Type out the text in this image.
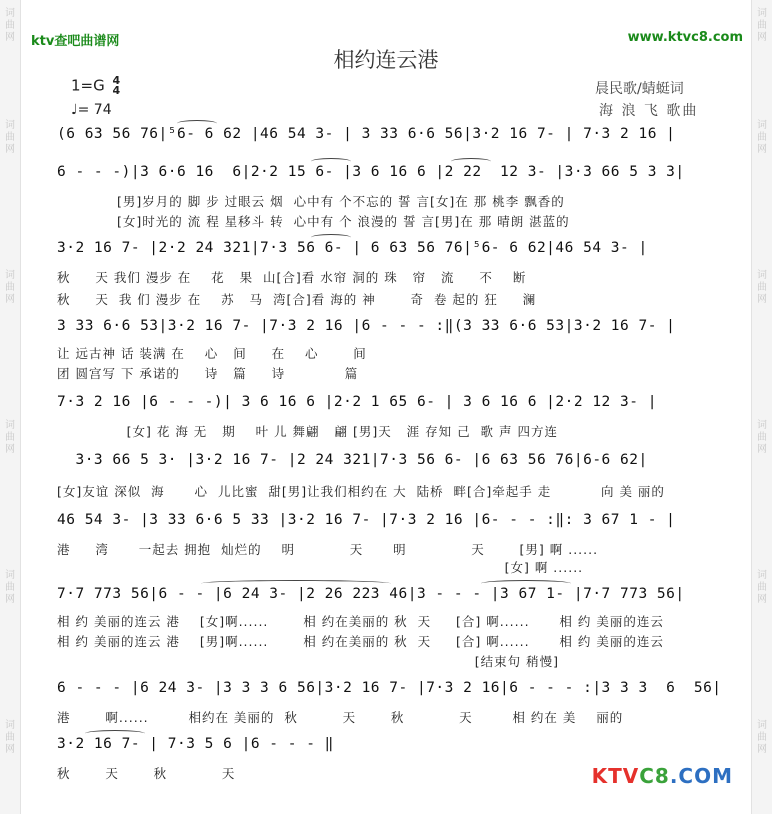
词曲网
词曲网
词曲网
词曲网
词曲网
词曲网
词曲网
词曲网
词曲网
词曲网
词曲网
词曲网
ktv查吧曲谱网	www.ktvc8.com
相约连云港
1=G 4
4
♩= 74
晨民歌/蜻蜓词
海 浪 飞 歌曲
(6 63 56 76|⁵6- 6 62 |46 54 3- | 3 33 6·6 56|3·2 16 7- | 7·3 2 16 |
6 - - -)|3 6·6 16  6|2·2 15 6- |3 6 16 6 |2 22  12 3- |3·3 66 5 3 3|
[男]岁月的 脚 步 过眼云 烟  心中有 个不忘的 誓 言[女]在 那 桃李 飘香的
[女]时光的 流 程 星移斗 转  心中有 个 浪漫的 誓 言[男]在 那 晴朗 湛蓝的
3·2 16 7- |2·2 24 321|7·3 56 6- | 6 63 56 76|⁵6- 6 62|46 54 3- |
秋     天 我们 漫步 在    花   果  山[合]看 水帘 洞的 珠   帘   流     不    断
秋     天  我 们 漫步 在    苏   马  湾[合]看 海的 神       奇  卷 起的 狂     澜
3 33 6·6 53|3·2 16 7- |7·3 2 16 |6 - - - :‖(3 33 6·6 53|3·2 16 7- |
让 远古神 话 装满 在    心   间     在    心       间
团 圆宫写 下 承诺的     诗   篇     诗            篇
7·3 2 16 |6 - - -)| 3 6 16 6 |2·2 1 65 6- | 3 6 16 6 |2·2 12 3- |
[女] 花 海 无   期    叶 儿 舞翩   翩 [男]天   涯 存知 己  歌 声 四方连
3·3 66 5 3· |3·2 16 7- |2 24 321|7·3 56 6- |6 63 56 76|6-6 62|
[女]友谊 深似  海      心  儿比蜜  甜[男]让我们相约在 大  陆桥  畔[合]牵起手 走          向 美 丽的
46 54 3- |3 33 6·6 5 33 |3·2 16 7- |7·3 2 16 |6- - - :‖: 3 67 1 - |
港     湾      一起去 拥抱  灿烂的    明           天      明             天       [男] 啊 ......
[女] 啊 ......
7·7 773 56|6 - - |6 24 3- |2 26 223 46|3 - - - |3 67 1- |7·7 773 56|
相 约 美丽的连云 港    [女]啊......       相 约在美丽的 秋  天     [合] 啊......      相 约 美丽的连云
相 约 美丽的连云 港    [男]啊......       相 约在美丽的 秋  天     [合] 啊......      相 约 美丽的连云
[结束句 稍慢]
6 - - - |6 24 3- |3 3 3 6 56|3·2 16 7- |7·3 2 16|6 - - - :|3 3 3  6  56|
港       啊......        相约在 美丽的  秋         天       秋           天        相 约在 美    丽的
3·2 16 7- | 7·3 5 6 |6 - - - ‖
秋       天       秋           天	KTVC8.COM
